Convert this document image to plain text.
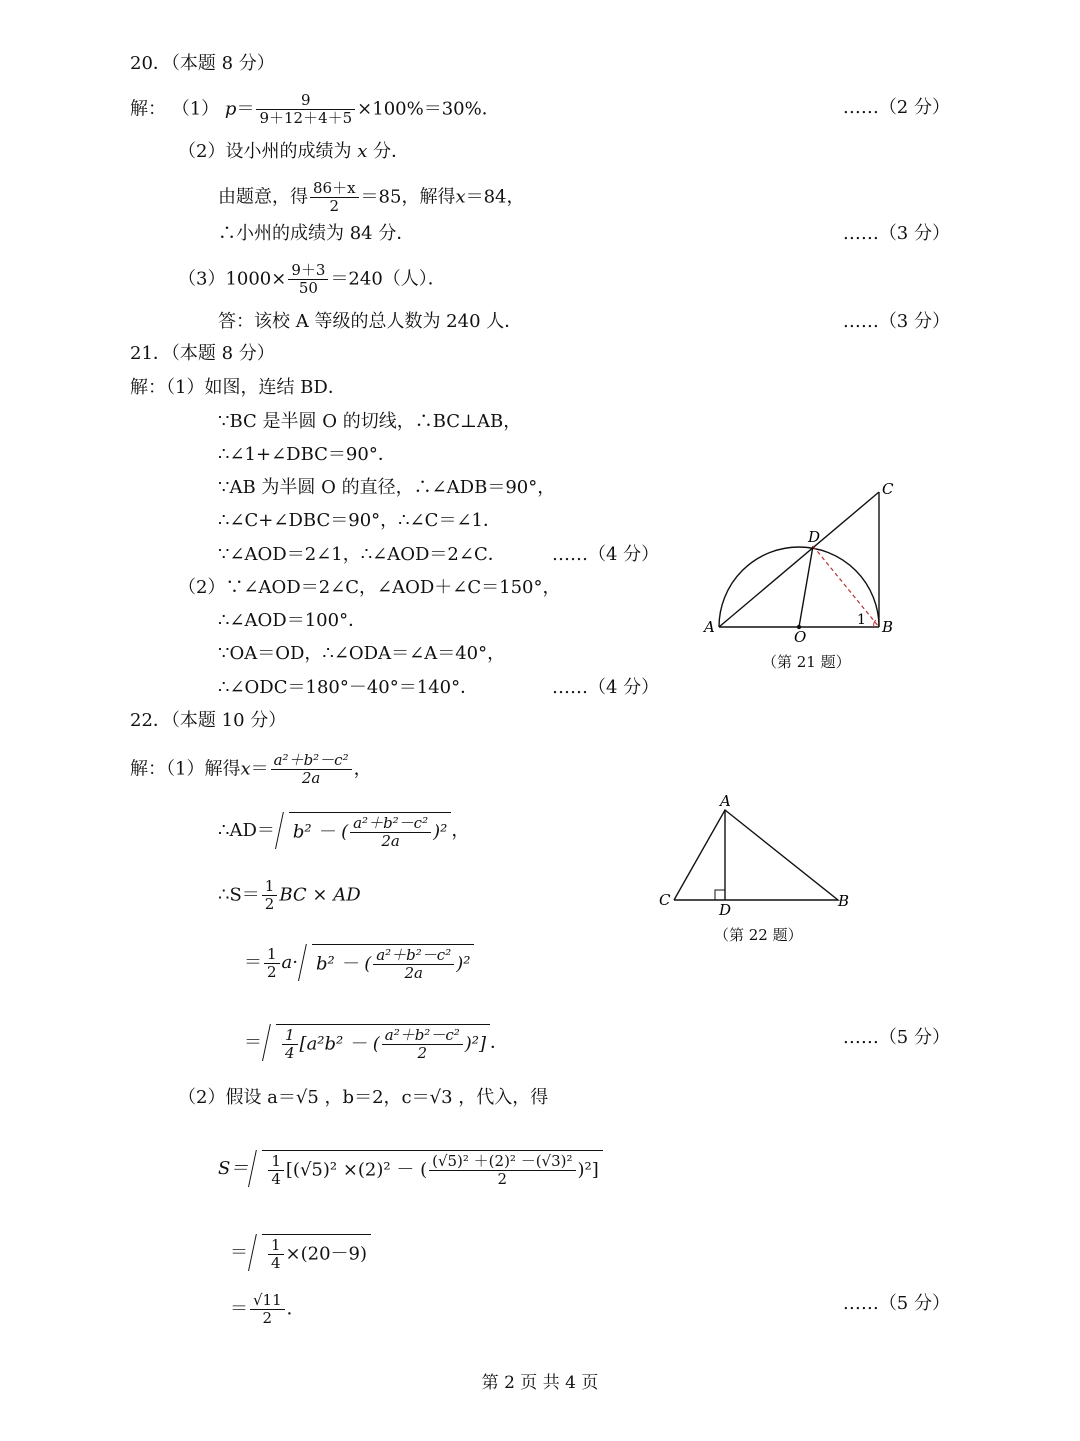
20．（本题 8 分）
解： （1） $p= \frac{9}{9+12+4+5} \times 100\%=30\%$．	……（2 分）
（2）设小州的成绩为 x 分．
由题意，得 $\frac{86+x}{2} =85$，解得x＝84，
∴小州的成绩为 84 分．	……（3 分）
$(3)1000\times \frac{9+3}{50} =240$（人）．
答：该校 A 等级的总人数为 240 人．	……（3 分）
21．（本题 8 分）
解：（1）如图，连结 BD．
∵BC 是半圆 O 的切线，∴BC⊥AB，
∴∠1+∠DBC＝90°．
∵AB 为半圆 O 的直径，∴∠ADB＝90°，
∴∠C+∠DBC＝90°，∴∠C＝∠1．
∵∠AOD＝2∠1，∴∠AOD＝2∠C．	……（4 分）
（2）∵∠AOD＝2∠C，∠AOD＋∠C＝150°，
∴∠AOD＝100°．
∵OA＝OD，∴∠ODA＝∠A＝40°，
∴∠ODC＝180°－40°＝140°．	……（4 分）
A	B
C
D
O
1
（第 21 题）
22．（本题 10 分）
解：（1）解得$x= \frac{\text{a²＋b²－c²}}{2a}$ ，
∴AD＝ b² － ( $\frac{\text{a²＋b²－c²}}{2a} )^2$ ，
∴S＝ $\frac{1}{2}$ BC × AD
＝ $\frac{1}{2} a\cdot b^2$ － ( $\frac{\text{a²＋b²－c²}}{2a} )^2$
＝ $\frac{1}{4} [a^2b^2$ － ( $\frac{\text{a²＋b²－c²}}{2} )^2$] ．	……（5 分）
（2）假设 a＝√5 ，b＝2，c＝√3 ，代入，得
$S= \frac{1}{4} [(√5)^2 \times(2)^2$ － ( $\frac{\text{(√5)² ＋(2)² －(√3)²}}{2} )^2$]
＝ $\frac{1}{4} \times(20-9)$
＝ $\frac{√11}{2}$ ．	……（5 分）
A
C	B
D
（第 22 题）
第 2 页 共 4 页
